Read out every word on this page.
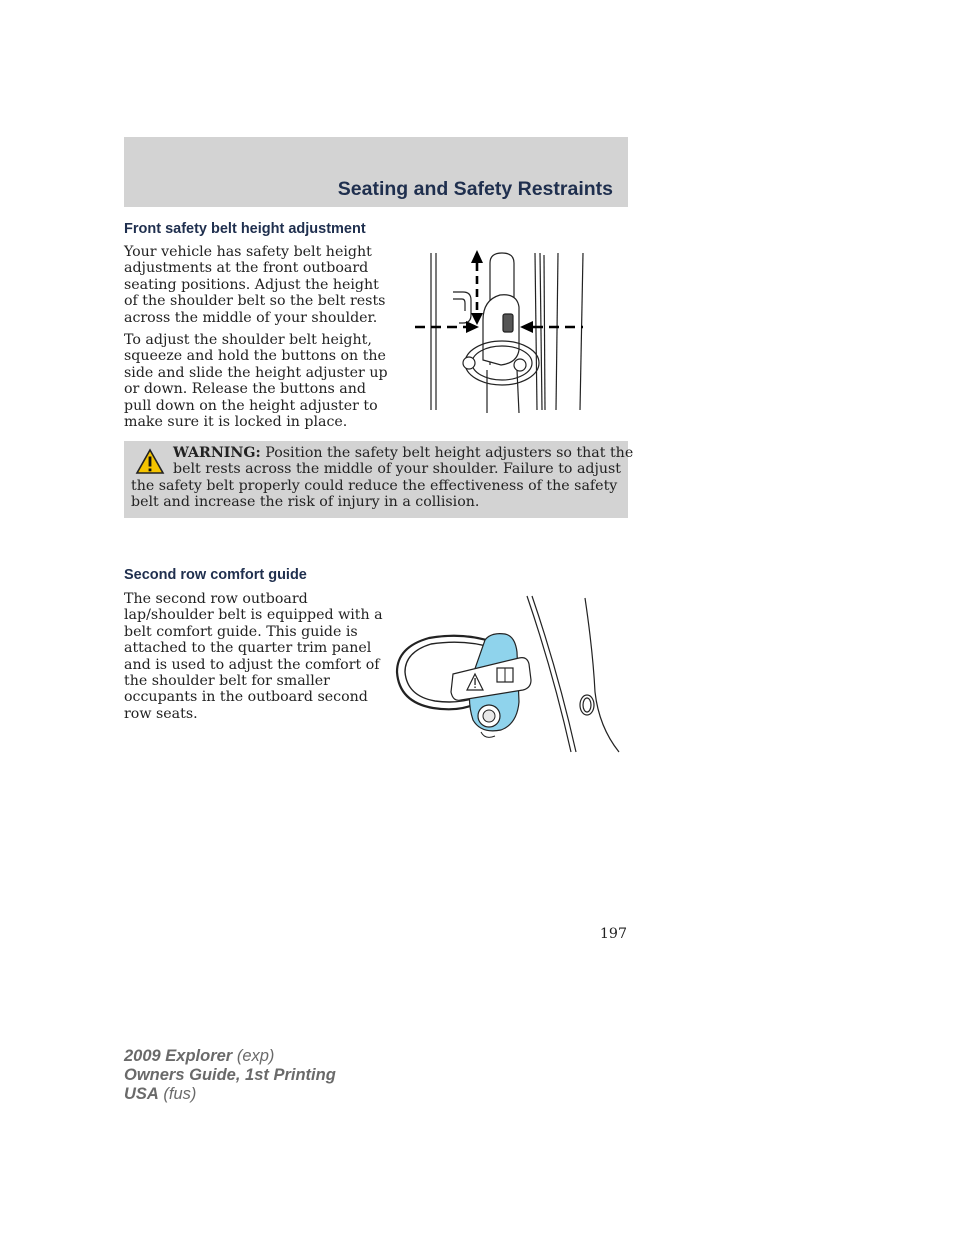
Seating and Safety Restraints
Front safety belt height adjustment
Your vehicle has safety belt height
adjustments at the front outboard
seating positions. Adjust the height
of the shoulder belt so the belt rests
across the middle of your shoulder.
To adjust the shoulder belt height,
squeeze and hold the buttons on the
side and slide the height adjuster up
or down. Release the buttons and
pull down on the height adjuster to
make sure it is locked in place.
WARNING: Position the safety belt height adjusters so that the
belt rests across the middle of your shoulder. Failure to adjust
the safety belt properly could reduce the effectiveness of the safety
belt and increase the risk of injury in a collision.
Second row comfort guide
The second row outboard
lap/shoulder belt is equipped with a
belt comfort guide. This guide is
attached to the quarter trim panel
and is used to adjust the comfort of
the shoulder belt for smaller
occupants in the outboard second
row seats.
197
2009 Explorer (exp)
Owners Guide, 1st Printing
USA (fus)
